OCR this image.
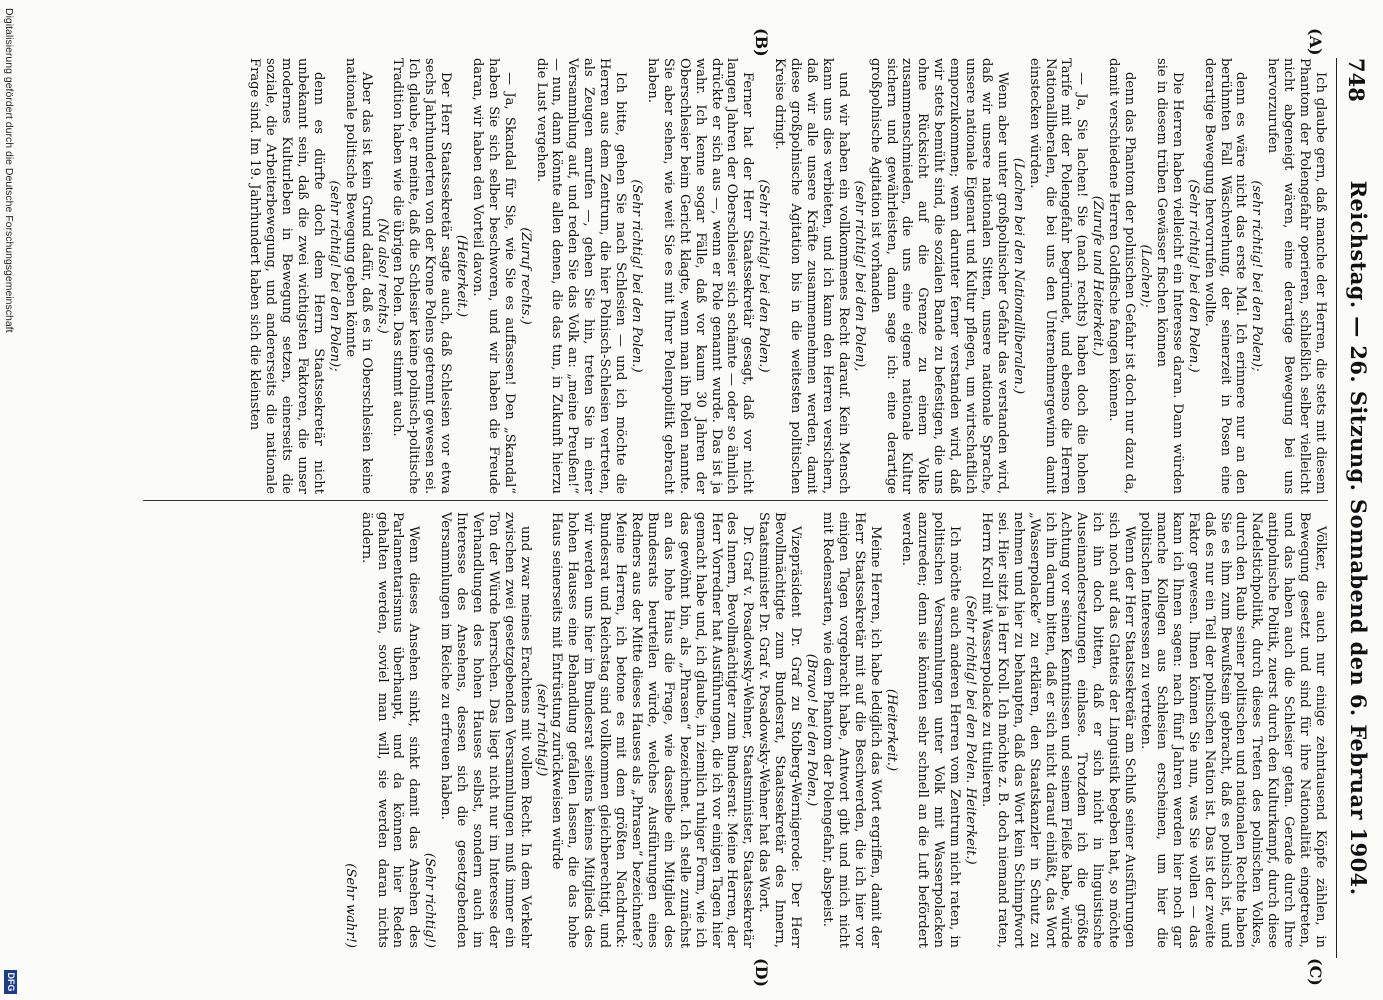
748
Reichstag. — 26. Sitzung. Sonnabend den 6. Februar 1904.
(A)
(B)
(C)
(D)

Ich glaube gern, daß manche der Herren, die stets mit diesem Phantom der Polengefahr operieren, schließlich selber vielleicht nicht abgeneigt wären, eine derartige Bewegung bei uns hervorzurufen

(sehr richtig! bei den Polen);

denn es wäre nicht das erste Mal. Ich erinnere nur an den berühmten Fall Wäschverhung, der seinerzeit in Posen eine derartige Bewegung hervorrufen wollte.

(Sehr richtig! bei den Polen.)

Die Herren haben vielleicht ein Interesse daran. Dann würden sie in diesem trüben Gewässer fischen können

(Lachen);

denn das Phantom der polnischen Gefahr ist doch nur dazu da, damit verschiedene Herren Goldfische fangen können.

(Zurufe und Heiterkeit.)

— Ja, Sie lachen! Sie (nach rechts) haben doch die hohen Tarife mit der Polengefahr begründet, und ebenso die Herren Nationalliberalen, die bei uns den Unternehmergewinn damit einstecken würden.

(Lachen bei den Nationalliberalen.)

Wenn aber unter großpolnischer Gefahr das verstanden wird, daß wir unsere nationalen Sitten, unsere nationale Sprache, unsere nationale Eigenart und Kultur pflegen, um wirtschaftlich emporzukommen; wenn darunter ferner verstanden wird, daß wir stets bemüht sind, die sozialen Bande zu befestigen, die uns ohne Rücksicht auf die Grenze zu einem Volke zusammenschmieden, die uns eine eigene nationale Kultur sichern und gewährleisten, dann sage ich: eine derartige großpolnische Agitation ist vorhanden

(sehr richtig! bei den Polen),

und wir haben ein vollkommenes Recht darauf. Kein Mensch kann uns dies verbieten, und ich kann den Herren versichern, daß wir alle unsere Kräfte zusammennehmen werden, damit diese großpolnische Agitation bis in die weitesten politischen Kreise dringt.

(Sehr richtig! bei den Polen.)

Ferner hat der Herr Staatssekretär gesagt, daß vor nicht langen Jahren der Oberschlesier sich schämte — oder so ähnlich drückte er sich aus —, wenn er Pole genannt wurde. Das ist ja wahr. Ich kenne sogar Fälle, daß vor kaum 30 Jahren der Oberschlesier beim Gericht klagte, wenn man ihn Polen nannte. Sie aber sehen, wie weit Sie es mit Ihrer Polenpolitik gebracht haben.

(Sehr richtig! bei den Polen.)

Ich bitte, gehen Sie nach Schlesien — und ich möchte die Herren aus dem Zentrum, die hier Polnisch-Schlesien vertreten, als Zeugen anrufen —, gehen Sie hin, treten Sie in einer Versammlung auf, und reden Sie das Volk an: „meine Preußen!“ — nun, dann könnte allen denen, die das tun, in Zukunft hierzu die Lust vergehen.

(Zuruf rechts.)

— Ja, Skandal für Sie, wie Sie es auffassen! Den „Skandal“ haben Sie sich selber beschworen, und wir haben die Freude daran, wir haben den Vorteil davon.

(Heiterkeit.)

Der Herr Staatssekretär sagte auch, daß Schlesien vor etwa sechs Jahrhunderten von der Krone Polens getrennt gewesen sei. Ich glaube, er meinte, daß die Schlesier keine polnisch-politische Tradition haben wie die übrigen Polen. Das stimmt auch.

(Na also! rechts.)

Aber das ist kein Grund dafür, daß es in Oberschlesien keine nationale politische Bewegung geben könnte

(sehr richtig! bei den Polen);

denn es dürfte doch dem Herrn Staatssekretär nicht unbekannt sein, daß die zwei wichtigsten Faktoren, die unser modernes Kulturleben in Bewegung setzen, einerseits die soziale, die Arbeiterbewegung, und andererseits die nationale Frage sind. Im 19. Jahrhundert haben sich die kleinsten

Völker, die auch nur einige zehntausend Köpfe zählen, in Bewegung gesetzt und sind für ihre Nationalität eingetreten, und das haben auch die Schlesier getan. Gerade durch Ihre antipolnische Politik, zuerst durch den Kulturkampf, durch diese Nadelstichpolitik, durch dieses Treten des polnischen Volkes, durch den Raub seiner politischen und nationalen Rechte haben Sie es ihm zum Bewußtsein gebracht, daß es polnisch ist, und daß es nur ein Teil der polnischen Nation ist. Das ist der zweite Faktor gewesen. Ihnen können Sie nun, was Sie wollen — das kann ich Ihnen sagen: nach fünf Jahren werden hier noch gar manche Kollegen aus Schlesien erscheinen, um hier die politischen Interessen zu vertreten.

Wenn der Herr Staatssekretär am Schluß seiner Ausführungen sich noch auf das Glatteis der Linguistik begeben hat, so möchte ich ihn doch bitten, daß er sich nicht in linguistische Auseinandersetzungen einlasse. Trotzdem ich die größte Achtung vor seinen Kenntnissen und seinem Fleiße habe, würde ich ihn darum bitten, daß er sich nicht darauf einläßt, das Wort „Wasserpolacke“ zu erklären, den Staatskanzler in Schutz zu nehmen und hier zu behaupten, daß das Wort kein Schimpfwort sei. Hier sitzt ja Herr Kroll. Ich möchte z. B. doch niemand raten, Herrn Kroll mit Wasserpolacke zu titulieren.

(Sehr richtig! bei den Polen. Heiterkeit.)

Ich möchte auch anderen Herren vom Zentrum nicht raten, in politischen Versammlungen unter Volk mit Wasserpolacken anzureden; denn sie könnten sehr schnell an die Luft befördert werden.

(Heiterkeit.)

Meine Herren, ich habe lediglich das Wort ergriffen, damit der Herr Staatssekretär mit auf die Beschwerden, die ich hier vor einigen Tagen vorgebracht habe, Antwort gibt und mich nicht mit Redensarten, wie dem Phantom der Polengefahr, abspeist.

(Bravo! bei den Polen.)

Vizepräsident Dr. Graf zu Stolberg-Wernigerode: Der Herr Bevollmächtigte zum Bundesrat, Staatssekretär des Innern, Staatsminister Dr. Graf v. Posadowsky-Wehner hat das Wort.

Dr. Graf v. Posadowsky-Wehner, Staatsminister, Staatssekretär des Innern, Bevollmächtigter zum Bundesrat: Meine Herren, der Herr Vorredner hat Ausführungen, die ich vor einigen Tagen hier gemacht habe und, ich glaube, in ziemlich ruhiger Form, wie ich das gewöhnt bin, als „Phrasen“ bezeichnet. Ich stelle zunächst an das hohe Haus die Frage, wie dasselbe ein Mitglied des Bundesrats beurteilen würde, welches Ausführungen eines Redners aus der Mitte dieses Hauses als „Phrasen“ bezeichnete? Meine Herren, ich betone es mit dem größten Nachdruck: Bundesrat und Reichstag sind vollkommen gleichberechtigt, und wir werden uns hier im Bundesrat seitens keines Mitglieds des hohen Hauses eine Behandlung gefallen lassen, die das hohe Haus seinerseits mit Entrüstung zurückweisen würde

(sehr richtig!)

und zwar meines Erachtens mit vollem Recht. In dem Verkehr zwischen zwei gesetzgebenden Versammlungen muß immer ein Ton der Würde herrschen. Das liegt nicht nur im Interesse der Verhandlungen des hohen Hauses selbst, sondern auch im Interesse des Ansehens, dessen sich die gesetzgebenden Versammlungen im Reiche zu erfreuen haben.

(Sehr richtig!)

Wenn dieses Ansehen sinkt, sinkt damit das Ansehen des Parlamentarismus überhaupt, und da können hier Reden gehalten werden, soviel man will, sie werden daran nichts ändern.

(Sehr wahr!)

Digitalisierung gefördert durch die Deutsche Forschungsgemeinschaft
DFG
